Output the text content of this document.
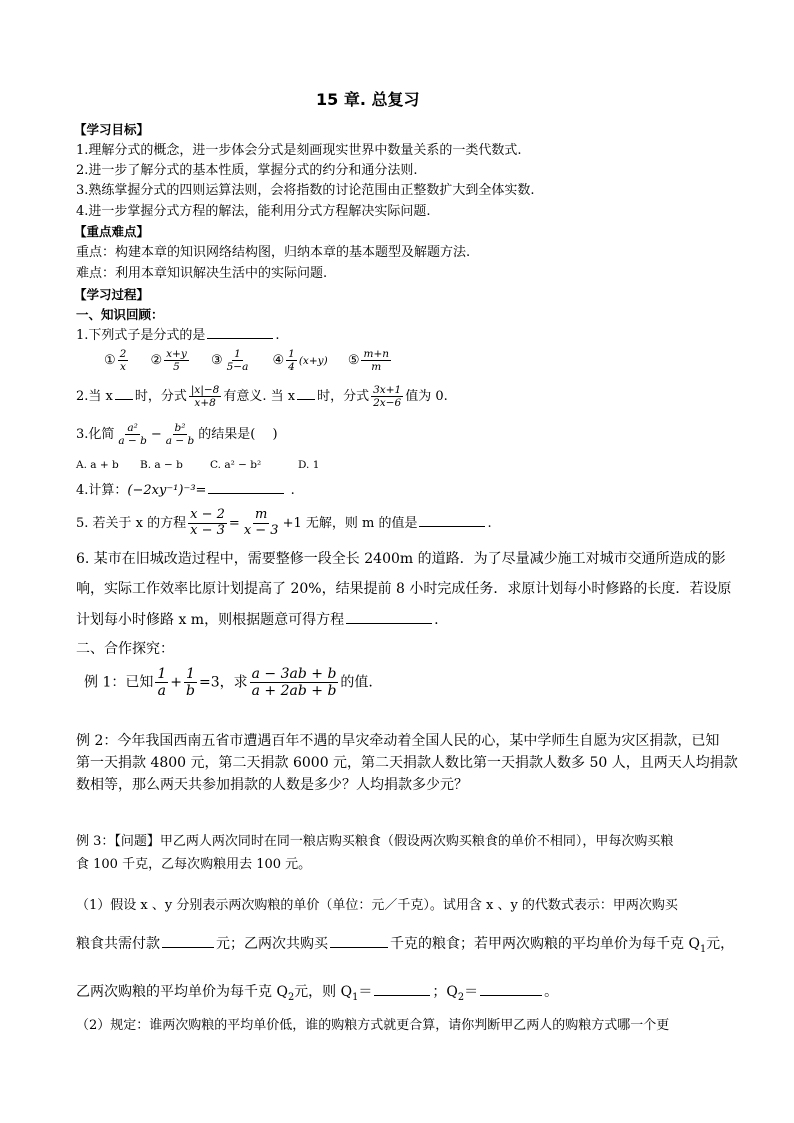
15 章. 总复习
【学习目标】
1.理解分式的概念，进一步体会分式是刻画现实世界中数量关系的一类代数式.
2.进一步了解分式的基本性质，掌握分式的约分和通分法则.
3.熟练掌握分式的四则运算法则，会将指数的讨论范围由正整数扩大到全体实数.
4.进一步掌握分式方程的解法，能利用分式方程解决实际问题.
【重点难点】
重点：构建本章的知识网络结构图，归纳本章的基本题型及解题方法.
难点：利用本章知识解决生活中的实际问题.
【学习过程】
一、知识回顾：
1.下列式子是分式的是	.
① $\frac{2}{x}$ ② $\frac{x+y}{5}$ ③ $\frac{1}{5-a}$ ④ $\frac{1}{4} (x+y)$ ⑤ $\frac{m+n}{m}$
2.当 x 时，分式 $\frac{|x|-8}{x+8}$ 有意义. 当 x 时，分式 $\frac{3x+1}{2x-6}$ 值为 0.
3.化简 $\frac{\text{a²}}{a - b} - \frac{\text{b²}}{a - b}$ 的结果是(　 )
A. a + b B. a − b	C. a² − b²	D. 1
4.计算：(−2xy⁻¹)⁻³=	.
5. 若关于 x 的方程 $\frac{x - 2}{x - 3} = \frac{m}{x - 3} +1$ 无解，则 m 的值是	.
6. 某市在旧城改造过程中，需要整修一段全长 2400m 的道路．为了尽量减少施工对城市交通所造成的影
响，实际工作效率比原计划提高了 20%，结果提前 8 小时完成任务．求原计划每小时修路的长度．若设原
计划每小时修路 x m，则根据题意可得方程	.
二、合作探究：
例 1：已知 $\frac{1}{a} + \frac{1}{b} =3$，求 $\frac{a - 3ab + b}{a + 2ab + b}$ 的值.
例 2：今年我国西南五省市遭遇百年不遇的旱灾牵动着全国人民的心，某中学师生自愿为灾区捐款，已知
第一天捐款 4800 元，第二天捐款 6000 元，第二天捐款人数比第一天捐款人数多 50 人，且两天人均捐款
数相等，那么两天共参加捐款的人数是多少？人均捐款多少元？
例 3：【问题】甲乙两人两次同时在同一粮店购买粮食（假设两次购买粮食的单价不相同），甲每次购买粮
食 100 千克，乙每次购粮用去 100 元。
（1）假设 x 、y 分别表示两次购粮的单价（单位：元／千克）。试用含 x 、y 的代数式表示：甲两次购买
粮食共需付款	元；乙两次共购买	千克的粮食；若甲两次购粮的平均单价为每千克 $Q_1$元，
乙两次购粮的平均单价为每千克 $Q_2$元，则 $Q_1=$	；$Q_2=$	。
（2）规定：谁两次购粮的平均单价低，谁的购粮方式就更合算，请你判断甲乙两人的购粮方式哪一个更
